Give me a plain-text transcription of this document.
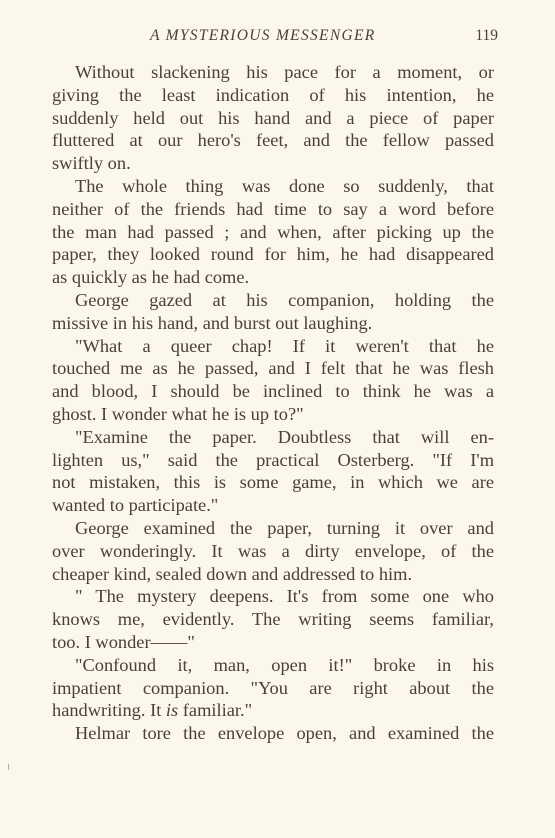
A MYSTERIOUS MESSENGER	119

Without slackening his pace for a moment, or
giving the least indication of his intention, he
suddenly held out his hand and a piece of paper
fluttered at our hero's feet, and the fellow passed
swiftly on.

The whole thing was done so suddenly, that
neither of the friends had time to say a word before
the man had passed ; and when, after picking up the
paper, they looked round for him, he had disappeared
as quickly as he had come.

George gazed at his companion, holding the
missive in his hand, and burst out laughing.

"What a queer chap! If it weren't that he
touched me as he passed, and I felt that he was flesh
and blood, I should be inclined to think he was a
ghost. I wonder what he is up to?"

"Examine the paper. Doubtless that will en-
lighten us," said the practical Osterberg. "If I'm
not mistaken, this is some game, in which we are
wanted to participate."

George examined the paper, turning it over and
over wonderingly. It was a dirty envelope, of the
cheaper kind, sealed down and addressed to him.

" The mystery deepens. It's from some one who
knows me, evidently. The writing seems familiar,
too. I wonder——"

"Confound it, man, open it!" broke in his
impatient companion. "You are right about the
handwriting. It is familiar."

Helmar tore the envelope open, and examined the
